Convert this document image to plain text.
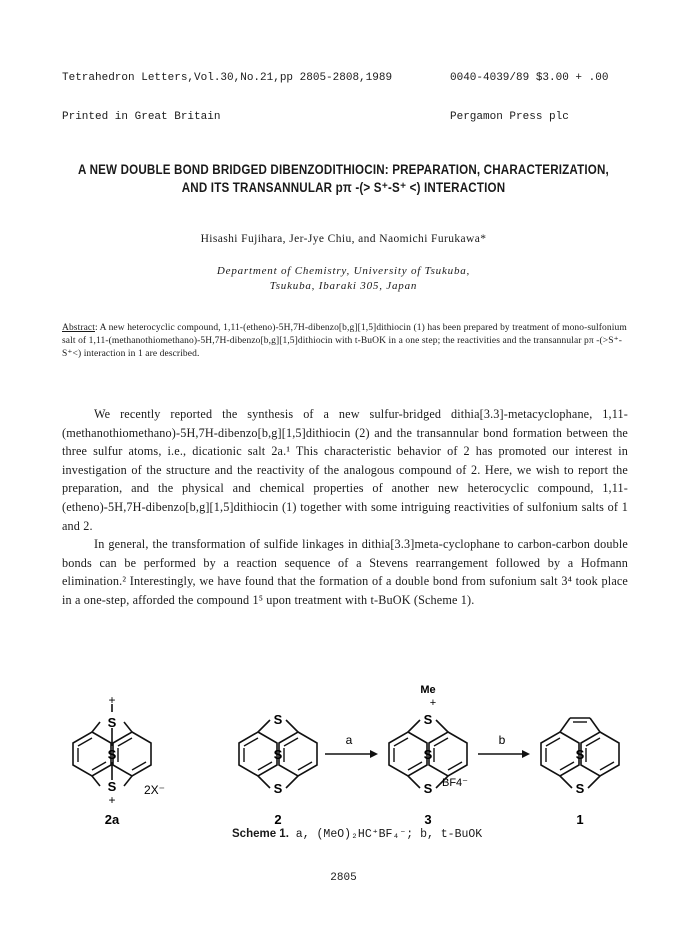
Tetrahedron Letters,Vol.30,No.21,pp 2805-2808,1989

Printed in Great Britain

0040-4039/89 $3.00 + .00

Pergamon Press plc

A NEW DOUBLE BOND BRIDGED DIBENZODITHIOCIN: PREPARATION, CHARACTERIZATION,
AND ITS TRANSANNULAR pπ -(> S⁺-S⁺ <) INTERACTION
Hisashi Fujihara, Jer-Jye Chiu, and Naomichi Furukawa*
Department of Chemistry, University of Tsukuba,
Tsukuba, Ibaraki 305, Japan
Abstract: A new heterocyclic compound, 1,11-(etheno)-5H,7H-dibenzo[b,g][1,5]dithiocin (1) has been prepared by treatment of mono-sulfonium salt of 1,11-(methanothiomethano)-5H,7H-dibenzo[b,g][1,5]dithiocin with t-BuOK in a one step; the reactivities and the transannular pπ -(>S⁺-S⁺<) interaction in 1 are described.

We recently reported the synthesis of a new sulfur-bridged dithia[3.3]-metacyclophane, 1,11-(methanothiomethano)-5H,7H-dibenzo[b,g][1,5]dithiocin (2) and the transannular bond formation between the three sulfur atoms, i.e., dicationic salt 2a.¹ This characteristic behavior of 2 has promoted our interest in investigation of the structure and the reactivity of the analogous compound of 2. Here, we wish to report the preparation, and the physical and chemical properties of another new heterocyclic compound, 1,11-(etheno)-5H,7H-dibenzo[b,g][1,5]dithiocin (1) together with some intriguing reactivities of sulfonium salts of 1 and 2.

In general, the transformation of sulfide linkages in dithia[3.3]meta-cyclophane to carbon-carbon double bonds can be performed by a reaction sequence of a Stevens rearrangement followed by a Hofmann elimination.² Interestingly, we have found that the formation of a double bond from sufonium salt 3⁴ took place in a one-step, afforded the compound 1⁵ upon treatment with t-BuOK (Scheme 1).

+
S
S
S
+
2X⁻
2a
S
S
S
2
a
Me
+
S
S
S BF4⁻
3
b
S
S
1
Scheme 1. a, (MeO)₂HC⁺BF₄⁻; b, t-BuOK
2805
